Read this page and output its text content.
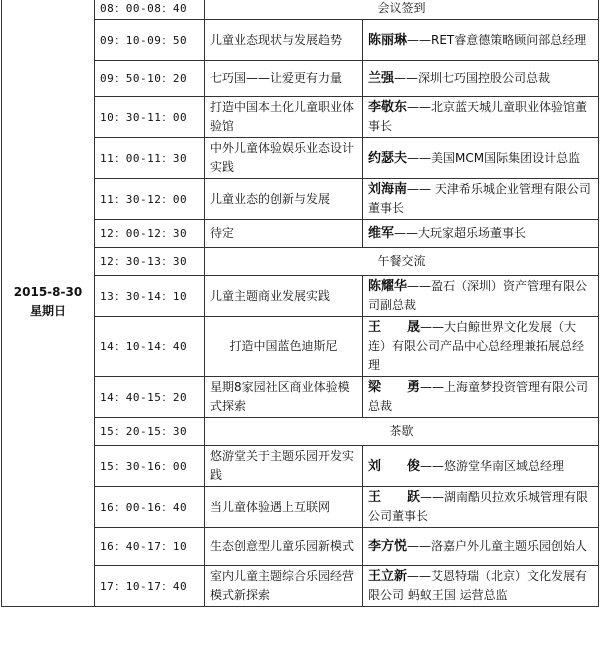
2015-8-30 星期日	08：00-08：40	会议签到	
	09：10-09：50	儿童业态现状与发展趋势	陈丽琳——RET睿意德策略顾问部总经理
	09：50-10：20	七巧国——让爱更有力量	兰强——深圳七巧国控股公司总裁
	10：30-11：00	打造中国本土化儿童职业体验馆	李敬东——北京蓝天城儿童职业体验馆董事长
	11：00-11：30	中外儿童体验娱乐业态设计实践	约瑟夫——美国MCM国际集团设计总监
	11：30-12：00	儿童业态的创新与发展	刘海南—— 天津希乐城企业管理有限公司董事长
	12：00-12：30	待定	维军——大玩家超乐场董事长
	12：30-13：30	午餐交流	
	13：30-14：10	儿童主题商业发展实践	陈耀华——盈石（深圳）资产管理有限公司副总裁
	14：10-14：40	打造中国蓝色迪斯尼	王　　晟——大白鲸世界文化发展（大连）有限公司产品中心总经理兼拓展总经理
	14：40-15：20	星期8家园社区商业体验模式探索	梁　　勇——上海童梦投资管理有限公司总裁
	15：20-15：30	茶歇	
	15：30-16：00	悠游堂关于主题乐园开发实践	刘　　俊——悠游堂华南区域总经理
	16：00-16：40	当儿童体验遇上互联网	王　　跃——湖南酷贝拉欢乐城管理有限公司董事长
	16：40-17：10	生态创意型儿童乐园新模式	李方悦——洛嘉户外儿童主题乐园创始人
	17：10-17：40	室内儿童主题综合乐园经营模式新探索	王立新——艾恩特瑞（北京）文化发展有限公司 蚂蚁王国 运营总监
